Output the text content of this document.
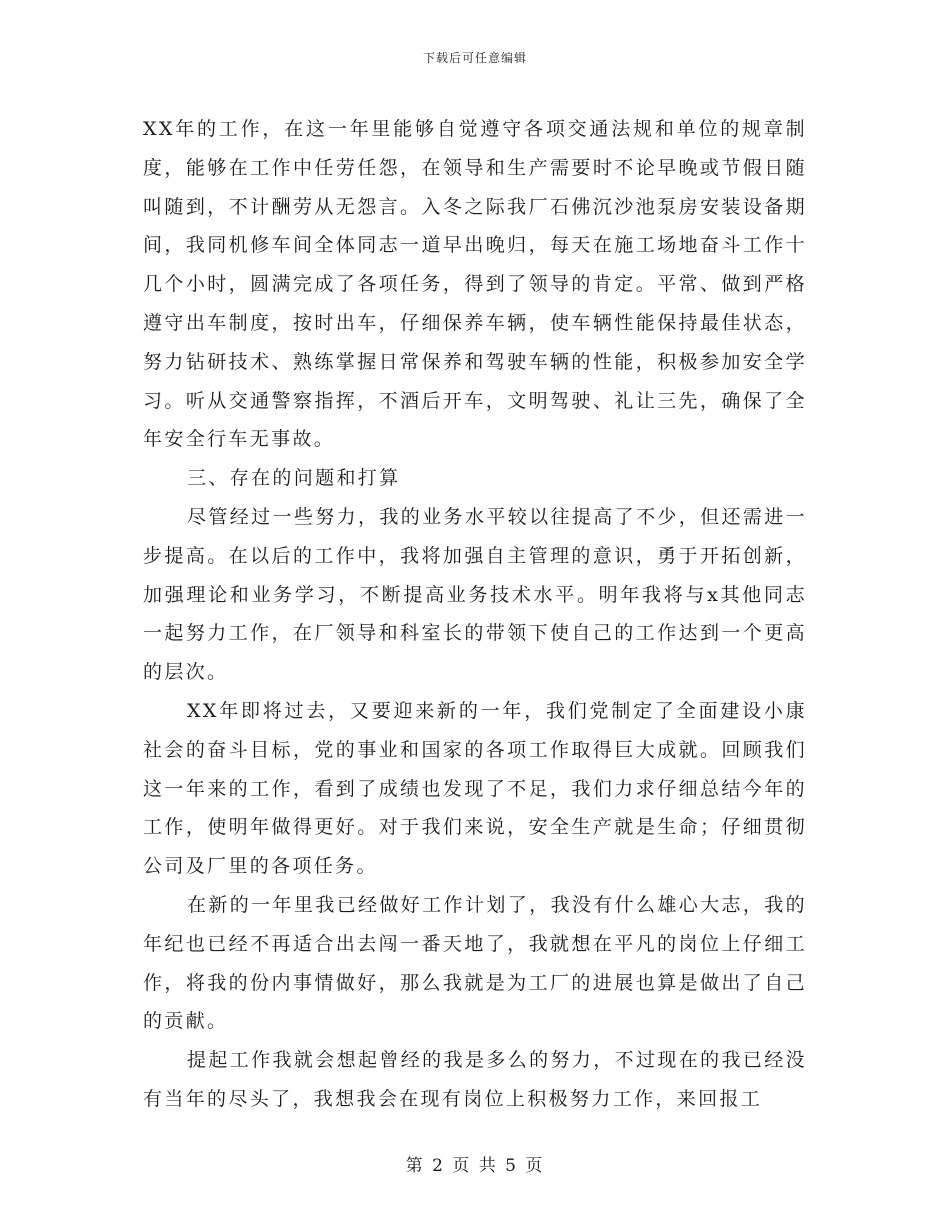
下载后可任意编辑

XX年的工作，在这一年里能够自觉遵守各项交通法规和单位的规章制度，能够在工作中任劳任怨，在领导和生产需要时不论早晚或节假日随叫随到，不计酬劳从无怨言。入冬之际我厂石佛沉沙池泵房安装设备期间，我同机修车间全体同志一道早出晚归，每天在施工场地奋斗工作十几个小时，圆满完成了各项任务，得到了领导的肯定。平常、做到严格遵守出车制度，按时出车，仔细保养车辆，使车辆性能保持最佳状态，努力钻研技术、熟练掌握日常保养和驾驶车辆的性能，积极参加安全学习。听从交通警察指挥，不酒后开车，文明驾驶、礼让三先，确保了全年安全行车无事故。

三、存在的问题和打算

尽管经过一些努力，我的业务水平较以往提高了不少，但还需进一步提高。在以后的工作中，我将加强自主管理的意识，勇于开拓创新，加强理论和业务学习，不断提高业务技术水平。明年我将与x其他同志一起努力工作，在厂领导和科室长的带领下使自己的工作达到一个更高的层次。

XX年即将过去，又要迎来新的一年，我们党制定了全面建设小康社会的奋斗目标，党的事业和国家的各项工作取得巨大成就。回顾我们这一年来的工作，看到了成绩也发现了不足，我们力求仔细总结今年的工作，使明年做得更好。对于我们来说，安全生产就是生命；仔细贯彻公司及厂里的各项任务。

在新的一年里我已经做好工作计划了，我没有什么雄心大志，我的年纪也已经不再适合出去闯一番天地了，我就想在平凡的岗位上仔细工作，将我的份内事情做好，那么我就是为工厂的进展也算是做出了自己的贡献。

提起工作我就会想起曾经的我是多么的努力，不过现在的我已经没有当年的尽头了，我想我会在现有岗位上积极努力工作，来回报工

第 2 页 共 5 页
